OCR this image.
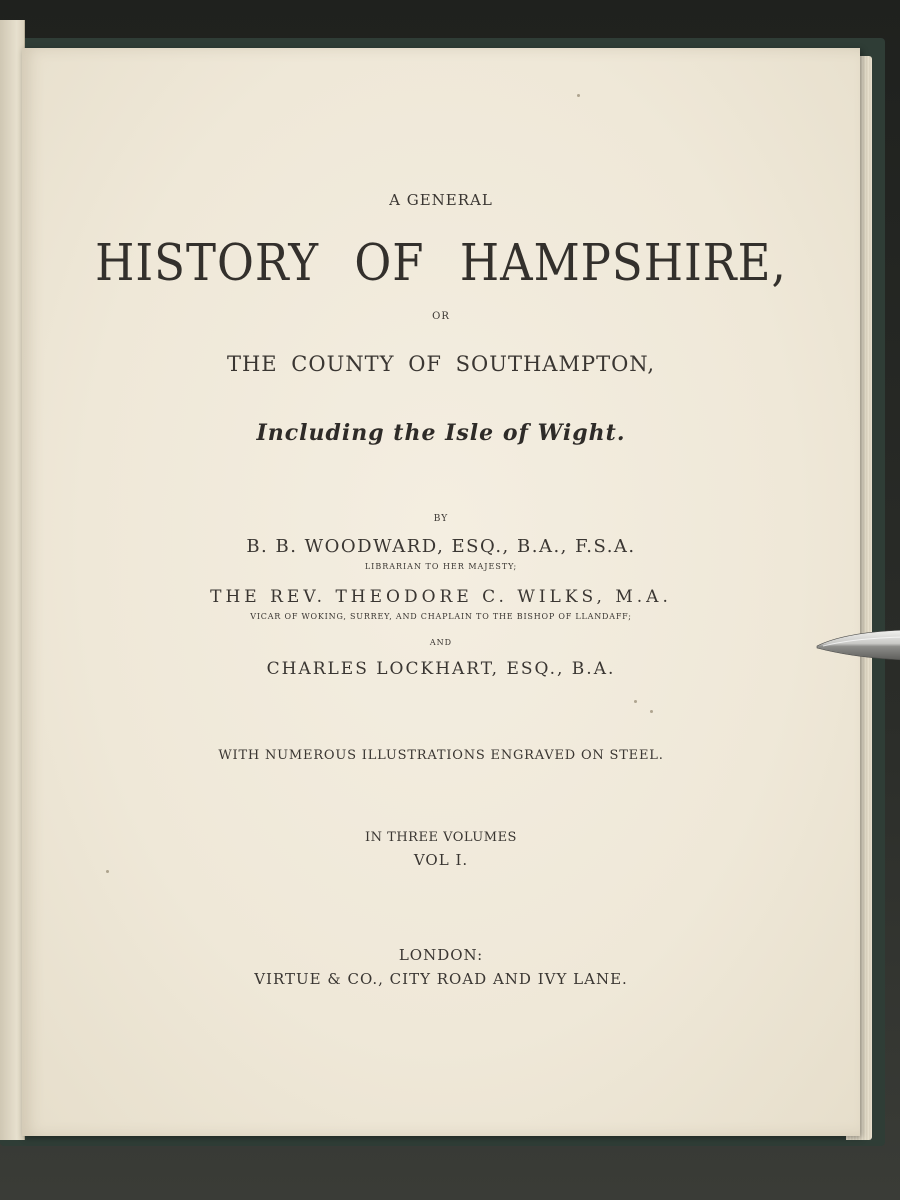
A GENERAL
HISTORY OF HAMPSHIRE,
OR
THE COUNTY OF SOUTHAMPTON,
Including the Isle of Wight.
BY
B. B. WOODWARD, ESQ., B.A., F.S.A.
LIBRARIAN TO HER MAJESTY;
THE REV. THEODORE C. WILKS, M.A.
VICAR OF WOKING, SURREY, AND CHAPLAIN TO THE BISHOP OF LLANDAFF;
AND
CHARLES LOCKHART, ESQ., B.A.
WITH NUMEROUS ILLUSTRATIONS ENGRAVED ON STEEL.
IN THREE VOLUMES
VOL I.
LONDON:
VIRTUE & CO., CITY ROAD AND IVY LANE.
